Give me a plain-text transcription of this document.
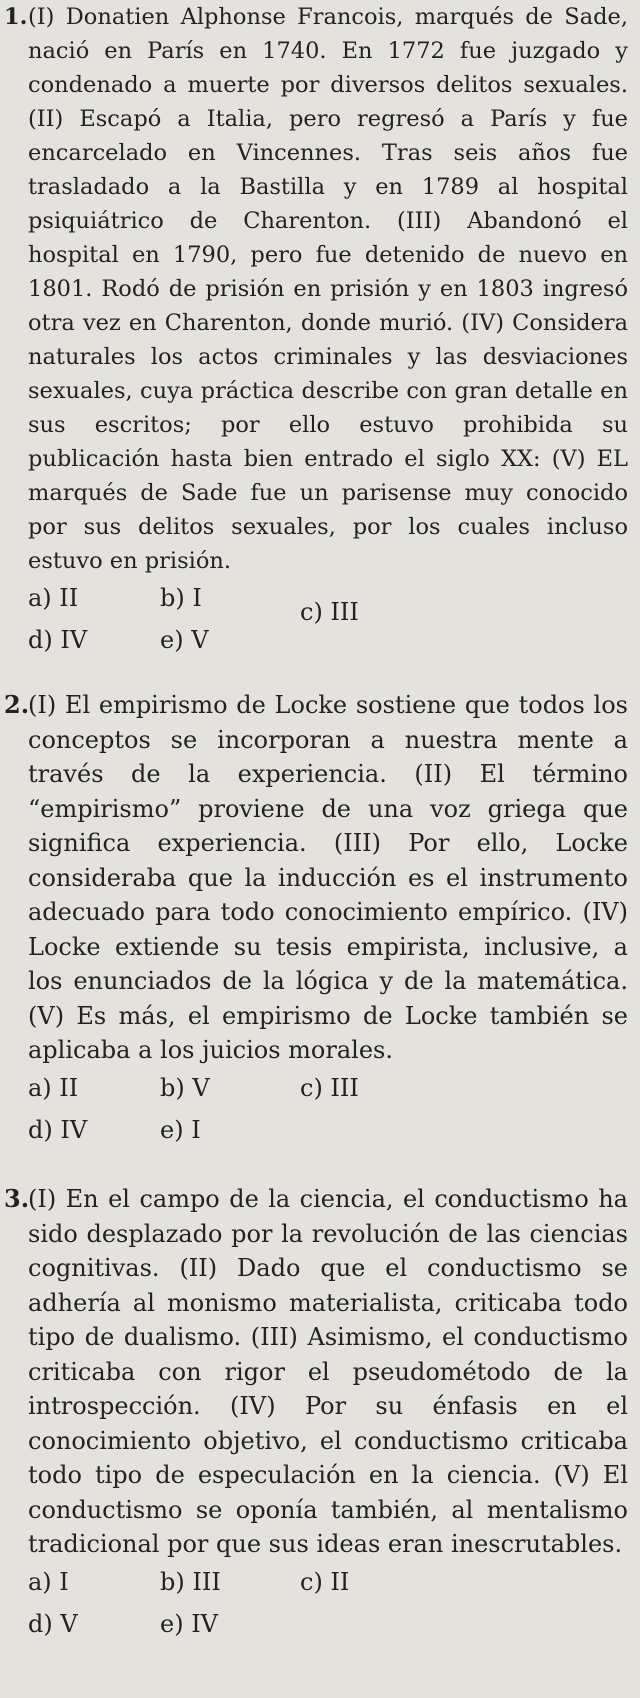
1. (I) Donatien Alphonse Francois, marqués de Sade, nació en París en 1740. En 1772 fue juzgado y condenado a muerte por diversos delitos sexuales. (II) Escapó a Italia, pero regresó a París y fue encarcelado en Vincennes. Tras seis años fue trasladado a la Bastilla y en 1789 al hospital psiquiátrico de Charenton. (III) Abandonó el hospital en 1790, pero fue detenido de nuevo en 1801. Rodó de prisión en prisión y en 1803 ingresó otra vez en Charenton, donde murió. (IV) Considera naturales los actos criminales y las desviaciones sexuales, cuya práctica describe con gran detalle en sus escritos; por ello estuvo prohibida su publicación hasta bien entrado el siglo XX: (V) EL marqués de Sade fue un parisense muy conocido por sus delitos sexuales, por los cuales incluso estuvo en prisión.

a) II	b) I	c) III
d) IV	e) V
2.

(I) El empirismo de Locke sostiene que todos los conceptos se incorporan a nuestra mente a través de la experiencia. (II) El término “empirismo” proviene de una voz griega que significa experiencia. (III) Por ello, Locke consideraba que la inducción es el instrumento adecuado para todo conocimiento empírico. (IV) Locke extiende su tesis empirista, inclusive, a los enunciados de la lógica y de la matemática. (V) Es más, el empirismo de Locke también se aplicaba a los juicios morales.

a) II	b) V	c) III
d) IV	e) I
3.

(I) En el campo de la ciencia, el conductismo ha sido desplazado por la revolución de las ciencias cognitivas. (II) Dado que el conductismo se adhería al monismo materialista, criticaba todo tipo de dualismo. (III) Asimismo, el conductismo criticaba con rigor el pseudométodo de la introspección. (IV) Por su énfasis en el conocimiento objetivo, el conductismo criticaba todo tipo de especulación en la ciencia. (V) El conductismo se oponía también, al mentalismo tradicional por que sus ideas eran inescrutables.

a) I	b) III	c) II
d) V	e) IV
